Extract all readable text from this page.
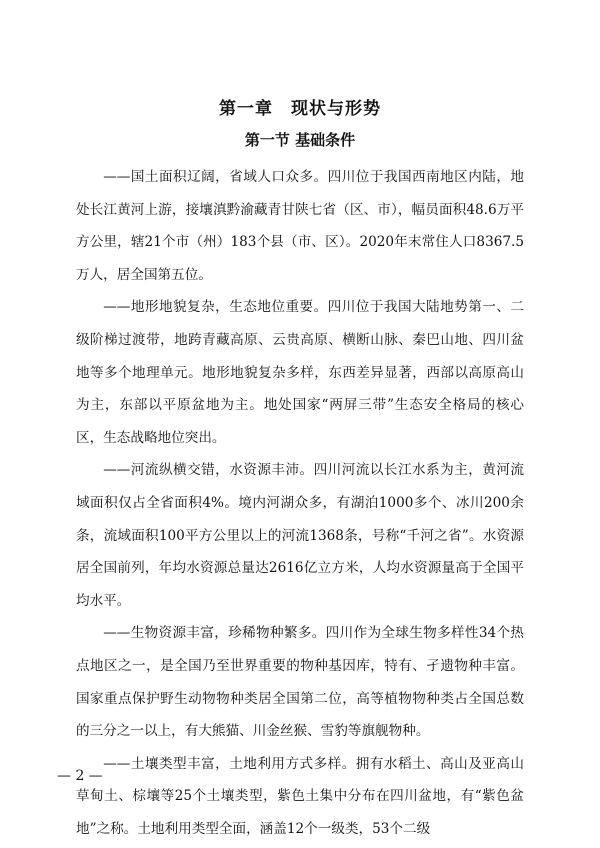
第一章　现状与形势
第一节 基础条件

——国土面积辽阔，省域人口众多。四川位于我国西南地区内陆，地处长江黄河上游，接壤滇黔渝藏青甘陕七省（区、市），幅员面积48.6万平方公里，辖21个市（州）183个县（市、区）。2020年末常住人口8367.5万人，居全国第五位。

——地形地貌复杂，生态地位重要。四川位于我国大陆地势第一、二级阶梯过渡带，地跨青藏高原、云贵高原、横断山脉、秦巴山地、四川盆地等多个地理单元。地形地貌复杂多样，东西差异显著，西部以高原高山为主，东部以平原盆地为主。地处国家“两屏三带”生态安全格局的核心区，生态战略地位突出。

——河流纵横交错，水资源丰沛。四川河流以长江水系为主，黄河流域面积仅占全省面积4%。境内河湖众多，有湖泊1000多个、冰川200余条，流域面积100平方公里以上的河流1368条，号称“千河之省”。水资源居全国前列，年均水资源总量达2616亿立方米，人均水资源量高于全国平均水平。

——生物资源丰富，珍稀物种繁多。四川作为全球生物多样性34个热点地区之一，是全国乃至世界重要的物种基因库，特有、孑遗物种丰富。国家重点保护野生动物物种类居全国第二位，高等植物物种类占全国总数的三分之一以上，有大熊猫、川金丝猴、雪豹等旗舰物种。

——土壤类型丰富，土地利用方式多样。拥有水稻土、高山及亚高山草甸土、棕壤等25个土壤类型，紫色土集中分布在四川盆地，有“紫色盆地”之称。土地利用类型全面，涵盖12个一级类，53个二级

— 2 —
